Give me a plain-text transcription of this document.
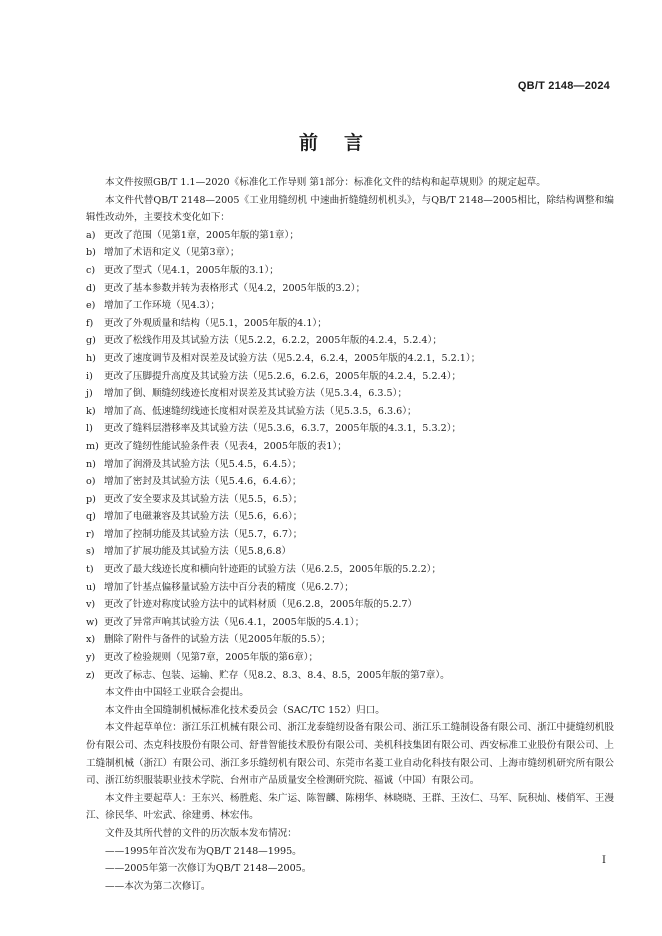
QB/T 2148—2024
前言

本文件按照GB/T 1.1—2020《标准化工作导则 第1部分：标准化文件的结构和起草规则》的规定起草。

本文件代替QB/T 2148—2005《工业用缝纫机 中速曲折缝缝纫机机头》，与QB/T 2148—2005相比，除结构调整和编辑性改动外，主要技术变化如下：

a) 更改了范围（见第1章，2005年版的第1章）；
b) 增加了术语和定义（见第3章）；
c) 更改了型式（见4.1，2005年版的3.1）；
d) 更改了基本参数并转为表格形式（见4.2，2005年版的3.2）；
e) 增加了工作环境（见4.3）；
f)	更改了外观质量和结构（见5.1，2005年版的4.1）；
g) 更改了松线作用及其试验方法（见5.2.2，6.2.2，2005年版的4.2.4，5.2.4）；
h) 更改了速度调节及相对误差及试验方法（见5.2.4，6.2.4，2005年版的4.2.1，5.2.1）；
i)	更改了压脚提升高度及其试验方法（见5.2.6，6.2.6，2005年版的4.2.4，5.2.4）；
j)	增加了倒、顺缝纫线迹长度相对误差及其试验方法（见5.3.4，6.3.5）；
k) 增加了高、低速缝纫线迹长度相对误差及其试验方法（见5.3.5，6.3.6）；
l)	更改了缝料层潜移率及其试验方法（见5.3.6，6.3.7，2005年版的4.3.1，5.3.2）；
m) 更改了缝纫性能试验条件表（见表4，2005年版的表1）；
n) 增加了润滑及其试验方法（见5.4.5，6.4.5）；
o) 增加了密封及其试验方法（见5.4.6，6.4.6）；
p) 更改了安全要求及其试验方法（见5.5，6.5）；
q) 增加了电磁兼容及其试验方法（见5.6，6.6）；
r)	增加了控制功能及其试验方法（见5.7，6.7）；
s) 增加了扩展功能及其试验方法（见5.8,6.8）
t)	更改了最大线迹长度和横向针迹距的试验方法（见6.2.5，2005年版的5.2.2）；
u) 增加了针基点偏移量试验方法中百分表的精度（见6.2.7）；
v) 更改了针迹对称度试验方法中的试料材质（见6.2.8，2005年版的5.2.7）
w) 更改了异常声响其试验方法（见6.4.1，2005年版的5.4.1）；
x) 删除了附件与备件的试验方法（见2005年版的5.5）；
y) 更改了检验规则（见第7章，2005年版的第6章）；
z) 更改了标志、包装、运输、贮存（见8.2、8.3、8.4、8.5，2005年版的第7章）。

本文件由中国轻工业联合会提出。

本文件由全国缝制机械标准化技术委员会（SAC/TC 152）归口。

本文件起草单位：浙江乐江机械有限公司、浙江龙泰缝纫设备有限公司、浙江乐工缝制设备有限公司、浙江中捷缝纫机股份有限公司、杰克科技股份有限公司、舒普智能技术股份有限公司、美机科技集团有限公司、西安标准工业股份有限公司、上工缝制机械（浙江）有限公司、浙江多乐缝纫机有限公司、东莞市名菱工业自动化科技有限公司、上海市缝纫机研究所有限公司、浙江纺织服装职业技术学院、台州市产品质量安全检测研究院、福诚（中国）有限公司。

本文件主要起草人：王东兴、杨胜彪、朱广运、陈智麟、陈栩华、林晓晓、王群、王汝仁、马军、阮积灿、楼俏军、王漫江、徐民华、叶宏武、徐建勇、林宏伟。

文件及其所代替的文件的历次版本发布情况：

——1995年首次发布为QB/T 2148—1995。

——2005年第一次修订为QB/T 2148—2005。

——本次为第二次修订。

I
